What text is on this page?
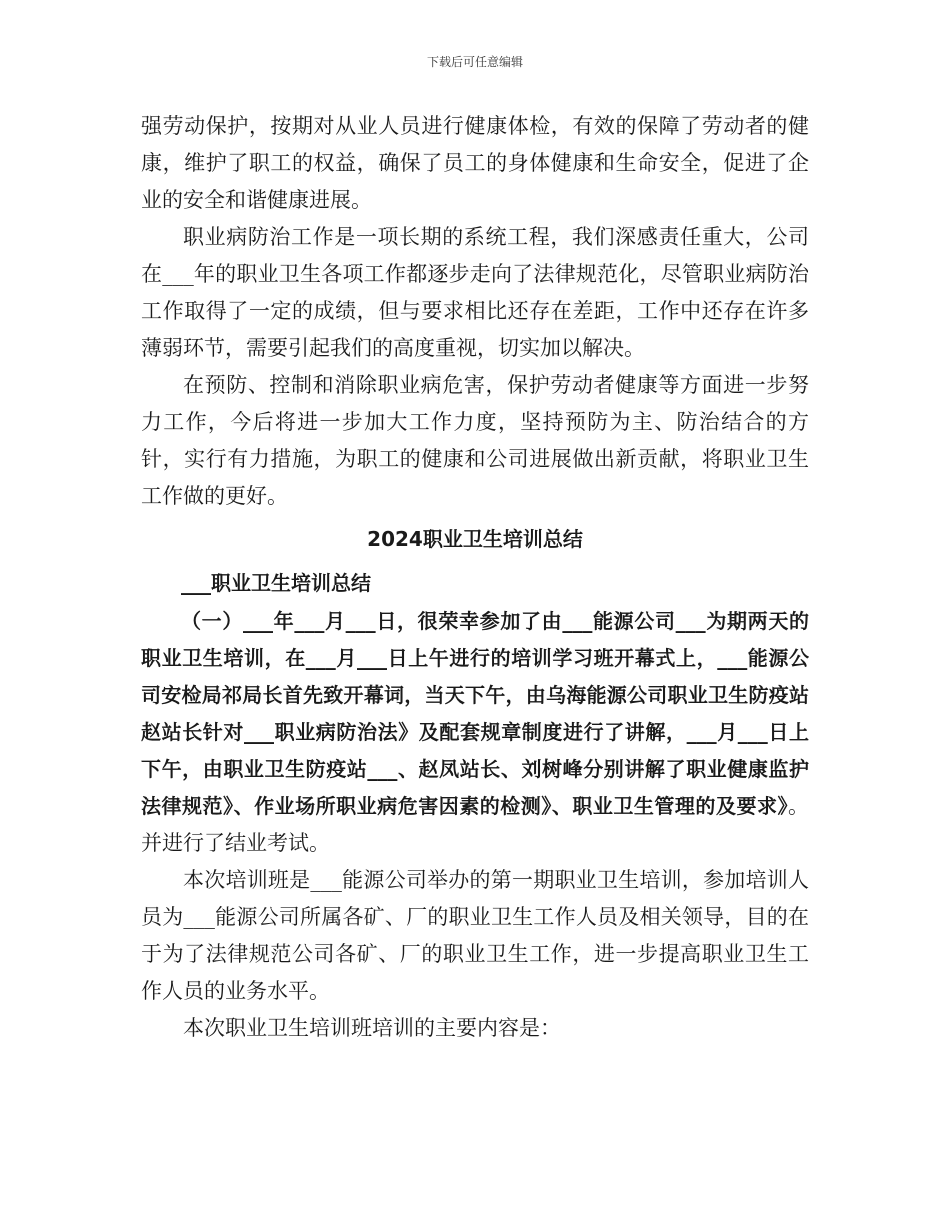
下载后可任意编辑

强劳动保护，按期对从业人员进行健康体检，有效的保障了劳动者的健康，维护了职工的权益，确保了员工的身体健康和生命安全，促进了企业的安全和谐健康进展。

职业病防治工作是一项长期的系统工程，我们深感责任重大，公司在___年的职业卫生各项工作都逐步走向了法律规范化，尽管职业病防治工作取得了一定的成绩，但与要求相比还存在差距，工作中还存在许多薄弱环节，需要引起我们的高度重视，切实加以解决。

在预防、控制和消除职业病危害，保护劳动者健康等方面进一步努力工作，今后将进一步加大工作力度，坚持预防为主、防治结合的方针，实行有力措施，为职工的健康和公司进展做出新贡献，将职业卫生工作做的更好。

2024职业卫生培训总结
___职业卫生培训总结

（一）___年___月___日，很荣幸参加了由___能源公司___为期两天的职业卫生培训，在___月___日上午进行的培训学习班开幕式上，___能源公司安检局祁局长首先致开幕词，当天下午，由乌海能源公司职业卫生防疫站赵站长针对___职业病防治法》及配套规章制度进行了讲解，___月___日上下午，由职业卫生防疫站___、赵凤站长、刘树峰分别讲解了职业健康监护法律规范》、作业场所职业病危害因素的检测》、职业卫生管理的及要求》。并进行了结业考试。

本次培训班是___能源公司举办的第一期职业卫生培训，参加培训人员为___能源公司所属各矿、厂的职业卫生工作人员及相关领导，目的在于为了法律规范公司各矿、厂的职业卫生工作，进一步提高职业卫生工作人员的业务水平。

本次职业卫生培训班培训的主要内容是：
